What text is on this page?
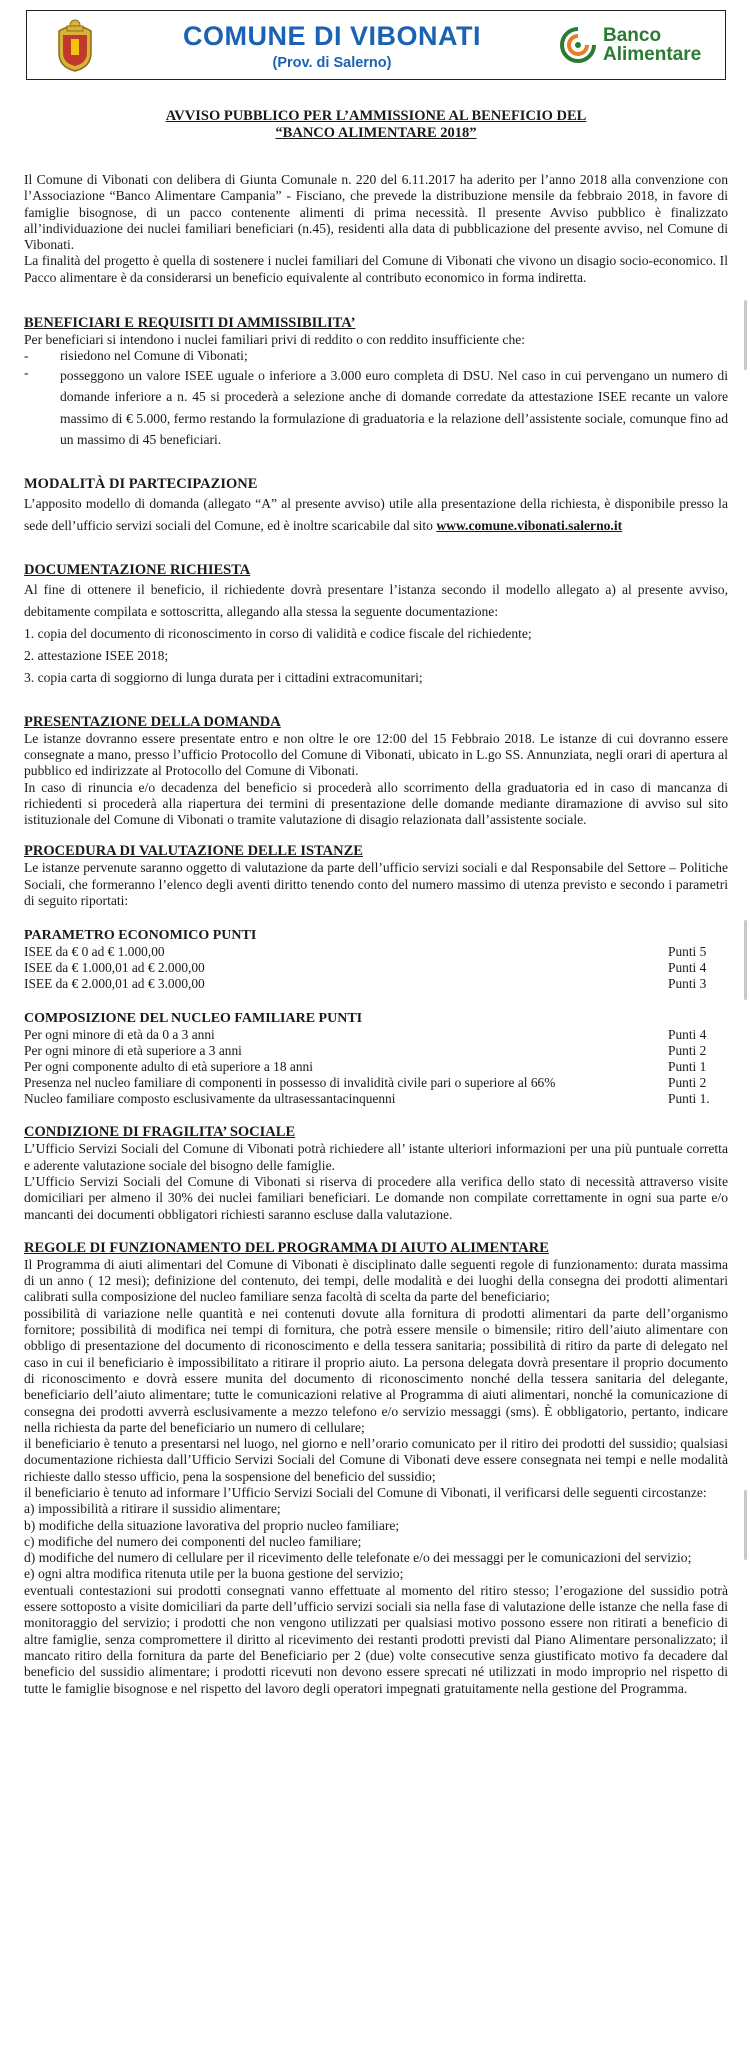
COMUNE DI VIBONATI
(Prov. di Salerno)
Banco
Alimentare
AVVISO PUBBLICO PER L’AMMISSIONE AL BENEFICIO DEL
“BANCO ALIMENTARE 2018”

Il Comune di Vibonati con delibera di Giunta Comunale n. 220 del 6.11.2017 ha aderito per l’anno 2018 alla convenzione con l’Associazione “Banco Alimentare Campania” - Fisciano, che prevede la distribuzione mensile da febbraio 2018, in favore di famiglie bisognose, di un pacco contenente alimenti di prima necessità. Il presente Avviso pubblico è finalizzato all’individuazione dei nuclei familiari beneficiari (n.45), residenti alla data di pubblicazione del presente avviso, nel Comune di Vibonati.

La finalità del progetto è quella di sostenere i nuclei familiari del Comune di Vibonati che vivono un disagio socio-economico. Il Pacco alimentare è da considerarsi un beneficio equivalente al contributo economico in forma indiretta.

BENEFICIARI E REQUISITI DI AMMISSIBILITA’

Per beneficiari si intendono i nuclei familiari privi di reddito o con reddito insufficiente che:

-	risiedono nel Comune di Vibonati;
-	posseggono un valore ISEE uguale o inferiore a 3.000 euro completa di DSU. Nel caso in cui pervengano un numero di domande inferiore a n. 45 si procederà a selezione anche di domande corredate da attestazione ISEE recante un valore massimo di € 5.000, fermo restando la formulazione di graduatoria e la relazione dell’assistente sociale, comunque fino ad un massimo di 45 beneficiari.
MODALITÀ DI PARTECIPAZIONE

L’apposito modello di domanda (allegato “A” al presente avviso) utile alla presentazione della richiesta, è disponibile presso la sede dell’ufficio servizi sociali del Comune, ed è inoltre scaricabile dal sito www.comune.vibonati.salerno.it

DOCUMENTAZIONE RICHIESTA

Al fine di ottenere il beneficio, il richiedente dovrà presentare l’istanza secondo il modello allegato a) al presente avviso, debitamente compilata e sottoscritta, allegando alla stessa la seguente documentazione:

1. copia del documento di riconoscimento in corso di validità e codice fiscale del richiedente;

2. attestazione ISEE 2018;

3. copia carta di soggiorno di lunga durata per i cittadini extracomunitari;

PRESENTAZIONE DELLA DOMANDA

Le istanze dovranno essere presentate entro e non oltre le ore 12:00 del 15 Febbraio 2018. Le istanze di cui dovranno essere consegnate a mano, presso l’ufficio Protocollo del Comune di Vibonati, ubicato in L.go SS. Annunziata, negli orari di apertura al pubblico ed indirizzate al Protocollo del Comune di Vibonati.

In caso di rinuncia e/o decadenza del beneficio si procederà allo scorrimento della graduatoria ed in caso di mancanza di richiedenti si procederà alla riapertura dei termini di presentazione delle domande mediante diramazione di avviso sul sito istituzionale del Comune di Vibonati o tramite valutazione di disagio relazionata dall’assistente sociale.

PROCEDURA DI VALUTAZIONE DELLE ISTANZE

Le istanze pervenute saranno oggetto di valutazione da parte dell’ufficio servizi sociali e dal Responsabile del Settore – Politiche Sociali, che formeranno l’elenco degli aventi diritto tenendo conto del numero massimo di utenza previsto e secondo i parametri di seguito riportati:

PARAMETRO ECONOMICO PUNTI
ISEE da € 0 ad € 1.000,00	Punti 5
ISEE da € 1.000,01 ad € 2.000,00	Punti 4
ISEE da € 2.000,01 ad € 3.000,00	Punti 3
COMPOSIZIONE DEL NUCLEO FAMILIARE PUNTI
Per ogni minore di età da 0 a 3 anni	Punti 4
Per ogni minore di età superiore a 3 anni	Punti 2
Per ogni componente adulto di età superiore a 18 anni	Punti 1
Presenza nel nucleo familiare di componenti in possesso di invalidità civile pari o superiore al 66%	Punti 2
Nucleo familiare composto esclusivamente da ultrasessantacinquenni	Punti 1.
CONDIZIONE DI FRAGILITA’ SOCIALE

L’Ufficio Servizi Sociali del Comune di Vibonati potrà richiedere all’ istante ulteriori informazioni per una più puntuale corretta e aderente valutazione sociale del bisogno delle famiglie.

L’Ufficio Servizi Sociali del Comune di Vibonati si riserva di procedere alla verifica dello stato di necessità attraverso visite domiciliari per almeno il 30% dei nuclei familiari beneficiari. Le domande non compilate correttamente in ogni sua parte e/o mancanti dei documenti obbligatori richiesti saranno escluse dalla valutazione.

REGOLE DI FUNZIONAMENTO DEL PROGRAMMA DI AIUTO ALIMENTARE

Il Programma di aiuti alimentari del Comune di Vibonati è disciplinato dalle seguenti regole di funzionamento: durata massima di un anno ( 12 mesi); definizione del contenuto, dei tempi, delle modalità e dei luoghi della consegna dei prodotti alimentari calibrati sulla composizione del nucleo familiare senza facoltà di scelta da parte del beneficiario;

possibilità di variazione nelle quantità e nei contenuti dovute alla fornitura di prodotti alimentari da parte dell’organismo fornitore; possibilità di modifica nei tempi di fornitura, che potrà essere mensile o bimensile; ritiro dell’aiuto alimentare con obbligo di presentazione del documento di riconoscimento e della tessera sanitaria; possibilità di ritiro da parte di delegato nel caso in cui il beneficiario è impossibilitato a ritirare il proprio aiuto. La persona delegata dovrà presentare il proprio documento di riconoscimento e dovrà essere munita del documento di riconoscimento nonché della tessera sanitaria del delegante, beneficiario dell’aiuto alimentare; tutte le comunicazioni relative al Programma di aiuti alimentari, nonché la comunicazione di consegna dei prodotti avverrà esclusivamente a mezzo telefono e/o servizio messaggi (sms). È obbligatorio, pertanto, indicare nella richiesta da parte del beneficiario un numero di cellulare;

il beneficiario è tenuto a presentarsi nel luogo, nel giorno e nell’orario comunicato per il ritiro dei prodotti del sussidio; qualsiasi documentazione richiesta dall’Ufficio Servizi Sociali del Comune di Vibonati deve essere consegnata nei tempi e nelle modalità richieste dallo stesso ufficio, pena la sospensione del beneficio del sussidio;

il beneficiario è tenuto ad informare l’Ufficio Servizi Sociali del Comune di Vibonati, il verificarsi delle seguenti circostanze:

a) impossibilità a ritirare il sussidio alimentare;

b) modifiche della situazione lavorativa del proprio nucleo familiare;

c) modifiche del numero dei componenti del nucleo familiare;

d) modifiche del numero di cellulare per il ricevimento delle telefonate e/o dei messaggi per le comunicazioni del servizio;

e) ogni altra modifica ritenuta utile per la buona gestione del servizio;

eventuali contestazioni sui prodotti consegnati vanno effettuate al momento del ritiro stesso; l’erogazione del sussidio potrà essere sottoposto a visite domiciliari da parte dell’ufficio servizi sociali sia nella fase di valutazione delle istanze che nella fase di monitoraggio del servizio; i prodotti che non vengono utilizzati per qualsiasi motivo possono essere non ritirati a beneficio di altre famiglie, senza compromettere il diritto al ricevimento dei restanti prodotti previsti dal Piano Alimentare personalizzato; il mancato ritiro della fornitura da parte del Beneficiario per 2 (due) volte consecutive senza giustificato motivo fa decadere dal beneficio del sussidio alimentare; i prodotti ricevuti non devono essere sprecati né utilizzati in modo improprio nel rispetto di tutte le famiglie bisognose e nel rispetto del lavoro degli operatori impegnati gratuitamente nella gestione del Programma.
